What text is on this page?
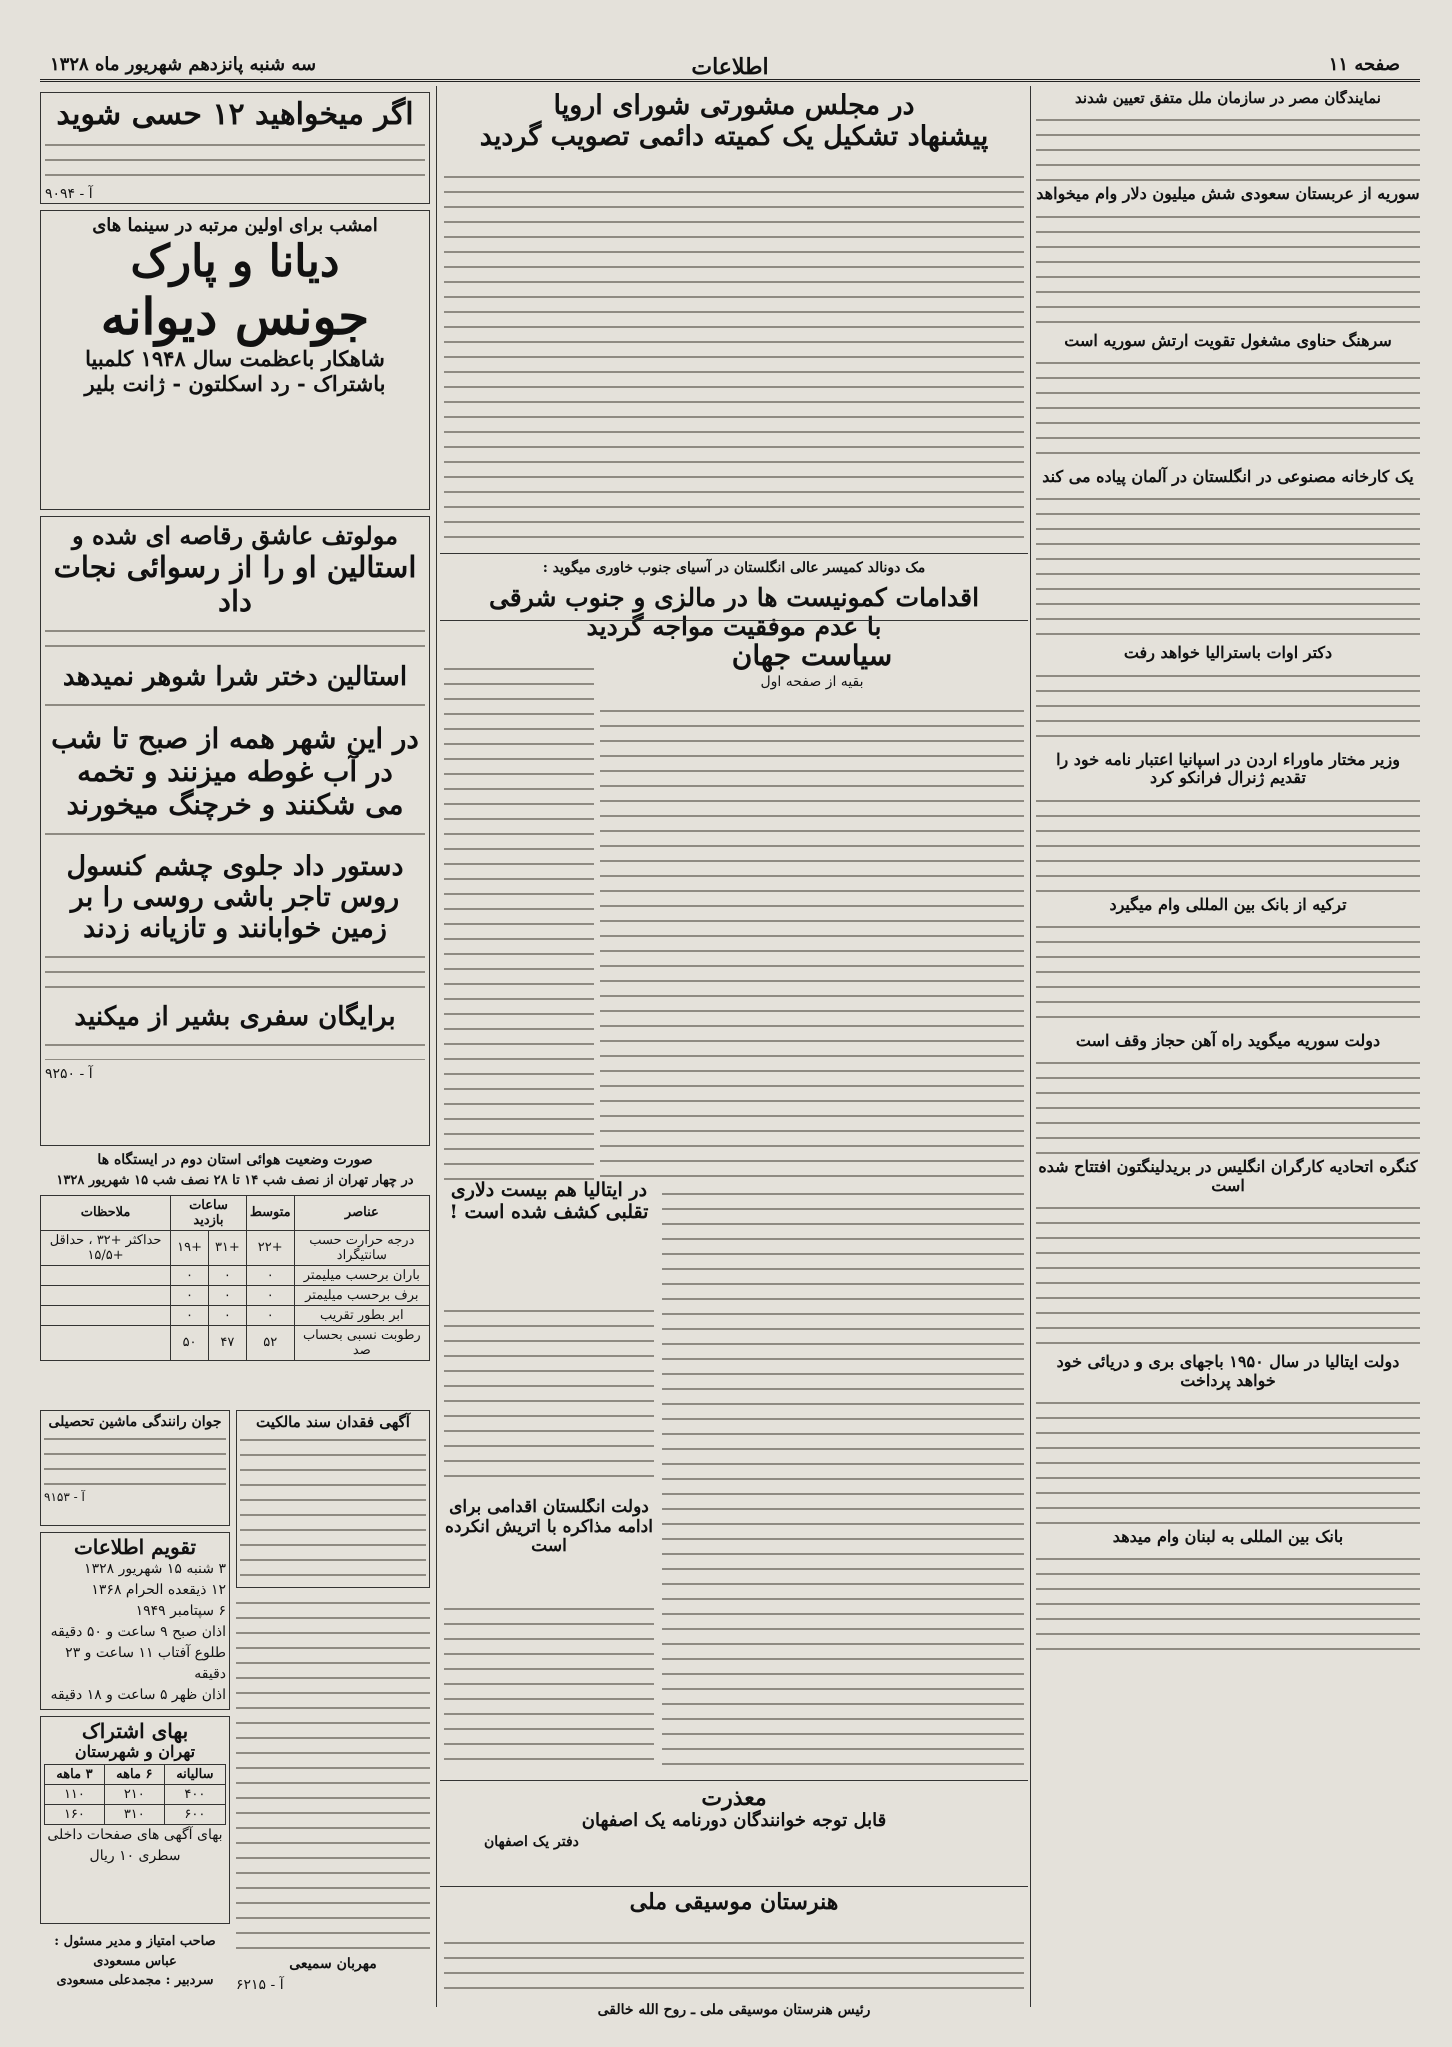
صفحه ۱۱
اطلاعات
سه شنبه پانزدهم شهریور ماه ۱۳۲۸
در مجلس مشورتی شورای اروپا
پیشنهاد تشکیل یک کمیته دائمی تصویب گردید
مک دونالد کمیسر عالی انگلستان در آسیای جنوب خاوری میگوید :
اقدامات کمونیست ها در مالزی و جنوب شرقی
با عدم موفقیت مواجه گردید
سیاست جهان
بقیه از صفحه اول
در ایتالیا هم بیست دلاری تقلبی کشف شده است !
دولت انگلستان اقدامی برای ادامه مذاکره با اتریش انکرده است
معذرت
قابل توجه خوانندگان دورنامه یک اصفهان
دفتر یک اصفهان
هنرستان موسیقی ملی
رئیس هنرستان موسیقی ملی ـ روح الله خالقی
نمایندگان مصر در سازمان ملل متفق تعیین شدند
سوریه از عربستان سعودی شش میلیون دلار وام میخواهد
سرهنگ حناوی مشغول تقویت ارتش سوریه است
یک کارخانه مصنوعی در انگلستان در آلمان پیاده می کند
دکتر اوات باسترالیا خواهد رفت
وزیر مختار ماوراء اردن در اسپانیا اعتبار نامه خود را تقدیم ژنرال فرانکو کرد
ترکیه از بانک بین المللی وام میگیرد
دولت سوریه میگوید راه آهن حجاز وقف است
کنگره اتحادیه کارگران انگلیس در بریدلینگتون افتتاح شده است
دولت ایتالیا در سال ۱۹۵۰ باجهای بری و دریائی خود خواهد پرداخت
بانک بین المللی به لبنان وام میدهد
اگر میخواهید ۱۲ حسی شوید
آ - ۹۰۹۴
امشب برای اولین مرتبه در سینما های
دیانا و پارک
جونس دیوانه
شاهکار باعظمت سال ۱۹۴۸ کلمبیا
باشتراک - رد اسکلتون - ژانت بلیر
مولوتف عاشق رقاصه ای شده و
استالین او را از رسوائی نجات داد
استالین دختر شرا شوهر نمیدهد
در این شهر همه از صبح تا شب
در آب غوطه میزنند و تخمه
می شکنند و خرچنگ میخورند
دستور داد جلوی چشم کنسول
روس تاجر باشی روسی را بر
زمین خوابانند و تازیانه زدند
برایگان سفری بشیر از میکنید
آ - ۹۲۵۰
صورت وضعیت هوائی استان دوم در ایستگاه ها
در چهار تهران از نصف شب ۱۴ تا ۲۸ نصف شب ۱۵ شهریور ۱۳۲۸
عناصر	متوسط	ساعات بازدید		ملاحظات
درجه حرارت حسب سانتیگراد	+۲۲	+۳۱	+۱۹	حداکثر +۳۲ ، حداقل +۱۵/۵
باران برحسب میلیمتر	۰	۰	۰	
برف برحسب میلیمتر	۰	۰	۰	
ابر بطور تقریب	۰	۰	۰	
رطوبت نسبی بحساب صد	۵۲	۴۷	۵۰	
آگهی فقدان سند مالکیت
مهربان سمیعی
آ - ۶۲۱۵
جوان رانندگی ماشین تحصیلی
آ - ۹۱۵۳
تقویم اطلاعات
۳ شنبه ۱۵ شهریور ۱۳۲۸
۱۲ ذیقعده الحرام ۱۳۶۸
۶ سپتامبر ۱۹۴۹
اذان صبح ۹ ساعت و ۵۰ دقیقه
طلوع آفتاب ۱۱ ساعت و ۲۳ دقیقه
اذان ظهر ۵ ساعت و ۱۸ دقیقه
بهای اشتراک
تهران و شهرستان
سالیانه	۶ ماهه	۳ ماهه
۴۰۰	۲۱۰	۱۱۰
۶۰۰	۳۱۰	۱۶۰
بهای آگهی های صفحات داخلی
سطری ۱۰ ریال
صاحب امتیاز و مدیر مسئول : عباس مسعودی
سردبیر : مجمدعلی مسعودی
